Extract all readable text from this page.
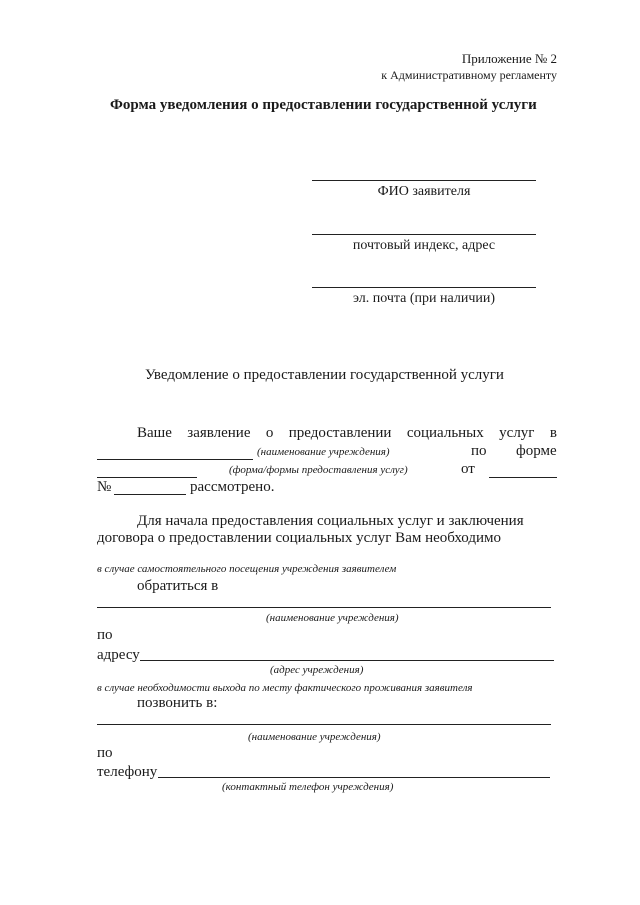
Приложение № 2
к Административному регламенту
Форма уведомления о предоставлении государственной услуги
ФИО заявителя
почтовый индекс, адрес
эл. почта (при наличии)
Уведомление о предоставлении государственной услуги
Ваше заявление о предоставлении социальных услуг в
(наименование учреждения)	по форме
(форма/формы предоставления услуг)	от
№	рассмотрено.
Для начала предоставления социальных услуг и заключения
договора о предоставлении социальных услуг Вам необходимо
в случае самостоятельного посещения учреждения заявителем
обратиться в
(наименование учреждения)
по
адресу
(адрес учреждения)
в случае необходимости выхода по месту фактического проживания заявителя
позвонить в:
(наименование учреждения)
по
телефону
(контактный телефон учреждения)
